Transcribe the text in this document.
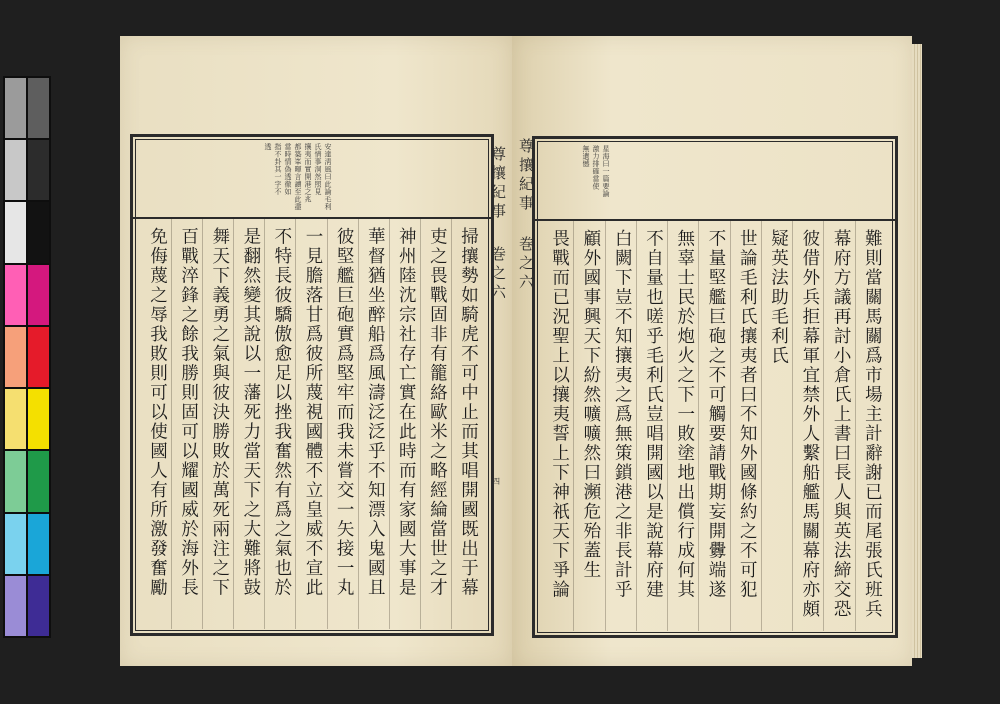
安達淸風曰此論毛利
氏情事洞然照見
攘夷而實開港之兆
都築峯暉言讀至此盡
當時情偽透徹如
指不卦其一字不
透
掃攘勢如騎虎不可中止而其唱開國既出于幕
吏之畏戰固非有籠絡歐米之略經綸當世之才
神州陸沈宗社存亡實在此時而有家國大事是
華督猶坐醉船爲風濤泛泛乎不知漂入鬼國且
彼堅艦巨砲實爲堅牢而我未嘗交一矢接一丸
一見膽落甘爲彼所蔑視國體不立皇威不宣此
不特長彼驕傲愈足以挫我奮然有爲之氣也於
是翻然變其說以一藩死力當天下之大難將鼓
舞天下義勇之氣與彼決勝敗於萬死兩注之下
百戰淬鋒之餘我勝則固可以耀國威於海外長
免侮蔑之辱我敗則可以使國人有所激發奮勵
尊攘紀事
巻之六
四
星海曰一篇要論
激力排確當使
無遺憾
難則當關馬關爲市場主計辭謝已而尾張氏班兵
幕府方議再討小倉氏上書曰長人與英法締交恐
彼借外兵拒幕軍宜禁外人繫船艦馬關幕府亦頗
疑英法助毛利氏
世論毛利氏攘夷者曰不知外國條約之不可犯
不量堅艦巨砲之不可觸要請戰期妄開釁端遂
無辜士民於炮火之下一敗塗地出償行成何其
不自量也嗟乎毛利氏豈唱開國以是說幕府建
白闕下豈不知攘夷之爲無策鎖港之非長計乎
顧外國事興天下紛然嚝嚝然曰瀕危殆蓋生
畏戰而已況聖上以攘夷誓上下神祇天下爭論
尊攘紀事
巻之六
